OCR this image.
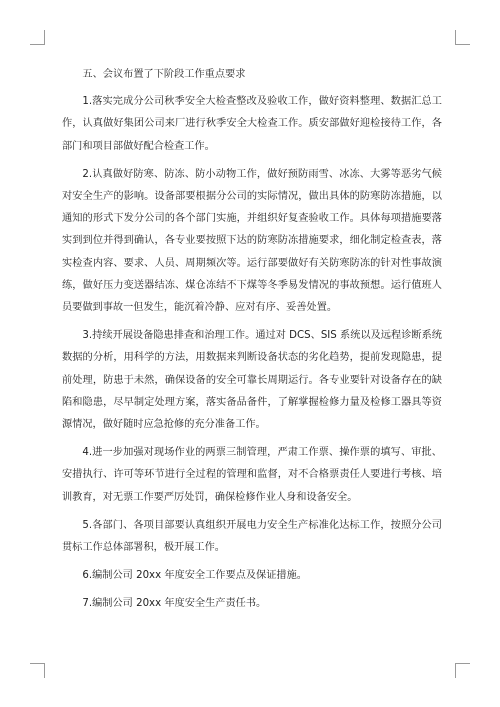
五、会议布置了下阶段工作重点要求

1.落实完成分公司秋季安全大检查整改及验收工作，做好资料整理、数据汇总工作，认真做好集团公司来厂进行秋季安全大检查工作。质安部做好迎检接待工作，各部门和项目部做好配合检查工作。

2.认真做好防寒、防冻、防小动物工作，做好预防雨雪、冰冻、大雾等恶劣气候对安全生产的影响。设备部要根据分公司的实际情况，做出具体的防寒防冻措施，以通知的形式下发分公司的各个部门实施，并组织好复查验收工作。具体每项措施要落实到到位并得到确认，各专业要按照下达的防寒防冻措施要求，细化制定检查表，落实检查内容、要求、人员、周期频次等。运行部要做好有关防寒防冻的针对性事故演练，做好压力变送器结冻、煤仓冻结不下煤等冬季易发情况的事故预想。运行值班人员要做到事故一但发生，能沉着冷静、应对有序、妥善处置。

3.持续开展设备隐患排查和治理工作。通过对 DCS、SIS 系统以及远程诊断系统数据的分析，用科学的方法，用数据来判断设备状态的劣化趋势，提前发现隐患，提前处理，防患于未然，确保设备的安全可靠长周期运行。各专业要针对设备存在的缺陷和隐患，尽早制定处理方案，落实备品备件，了解掌握检修力量及检修工器具等资源情况，做好随时应急抢修的充分准备工作。

4.进一步加强对现场作业的两票三制管理，严肃工作票、操作票的填写、审批、安措执行、许可等环节进行全过程的管理和监督，对不合格票责任人要进行考核、培训教育，对无票工作要严厉处罚，确保检修作业人身和设备安全。

5.各部门、各项目部要认真组织开展电力安全生产标准化达标工作，按照分公司贯标工作总体部署积，极开展工作。

6.编制公司 20xx 年度安全工作要点及保证措施。

7.编制公司 20xx 年度安全生产责任书。
